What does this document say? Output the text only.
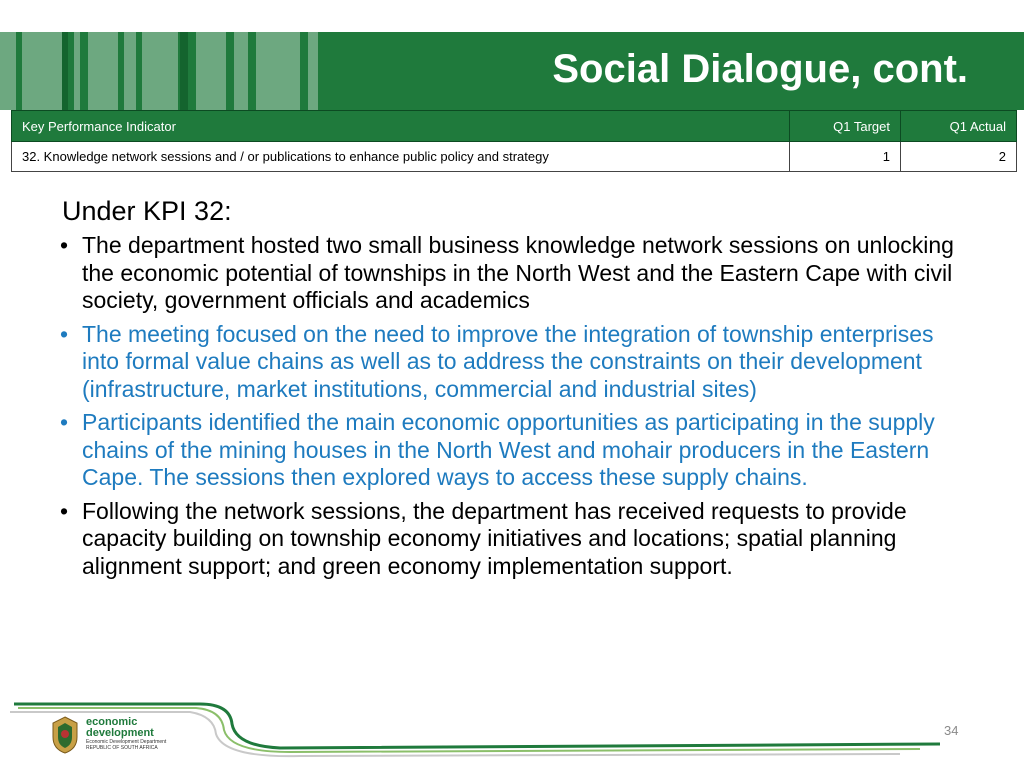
Social Dialogue, cont.
Key Performance Indicator	Q1 Target	Q1 Actual
32. Knowledge network sessions and / or publications to enhance public policy and strategy	1	2
Under KPI 32:
• The department hosted two small business knowledge network sessions on unlocking the economic potential of townships in the North West and the Eastern Cape with civil society, government officials and academics
• The meeting focused on the need to improve the integration of township enterprises into formal value chains as well as to address the constraints on their development (infrastructure, market institutions, commercial and industrial sites)
• Participants identified the main economic opportunities as participating in the supply chains of the mining houses in the North West and mohair producers in the Eastern Cape. The sessions then explored ways to access these supply chains.
• Following the network sessions, the department has received requests to provide capacity building on township economy initiatives and locations; spatial planning alignment support; and green economy implementation support.
economic
development
Economic Development Department
REPUBLIC OF SOUTH AFRICA
34
